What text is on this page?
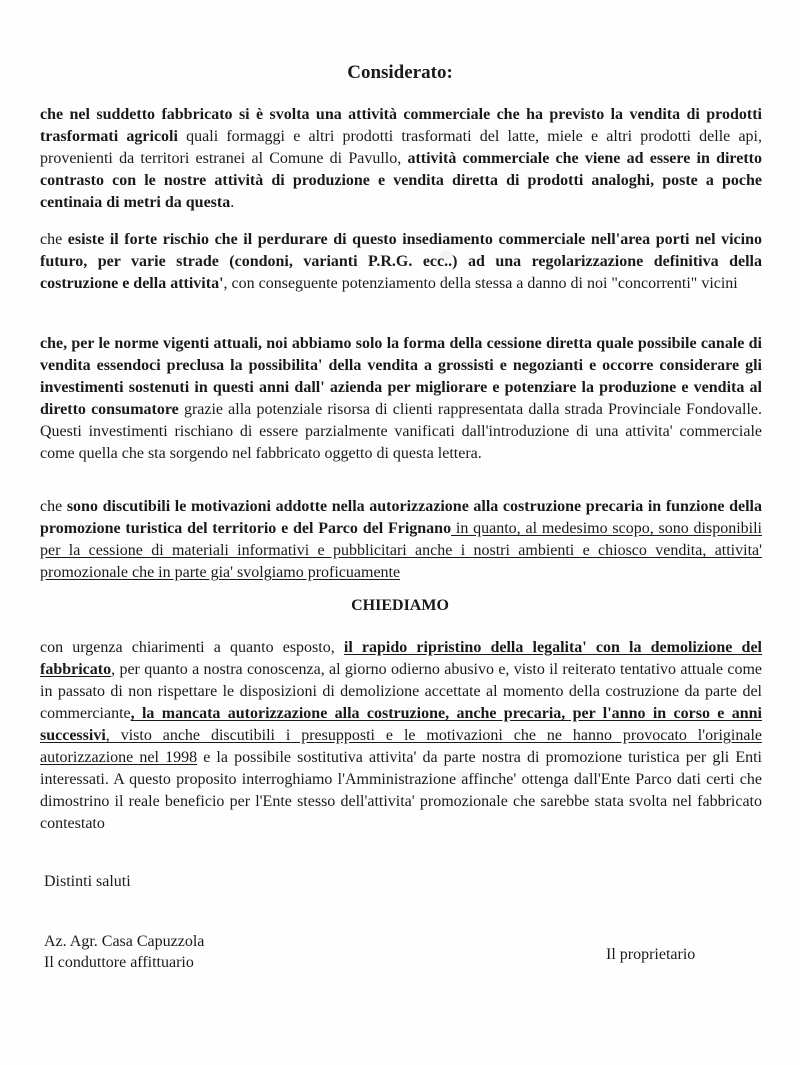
Considerato:
che nel suddetto fabbricato si è svolta una attività commerciale che ha previsto la vendita di prodotti trasformati agricoli quali formaggi e altri prodotti trasformati del latte, miele e altri prodotti delle api, provenienti da territori estranei al Comune di Pavullo, attività commerciale che viene ad essere in diretto contrasto con le nostre attività di produzione e vendita diretta di prodotti analoghi, poste a poche centinaia di metri da questa.
che esiste il forte rischio che il perdurare di questo insediamento commerciale nell'area porti nel vicino futuro, per varie strade (condoni, varianti P.R.G. ecc..) ad una regolarizzazione definitiva della costruzione e della attivita', con conseguente potenziamento della stessa a danno di noi "concorrenti" vicini
che, per le norme vigenti attuali, noi abbiamo solo la forma della cessione diretta quale possibile canale di vendita essendoci preclusa la possibilita' della vendita a grossisti e negozianti e occorre considerare gli investimenti sostenuti in questi anni dall' azienda per migliorare e potenziare la produzione e vendita al diretto consumatore grazie alla potenziale risorsa di clienti rappresentata dalla strada Provinciale Fondovalle. Questi investimenti rischiano di essere parzialmente vanificati dall'introduzione di una attivita' commerciale come quella che sta sorgendo nel fabbricato oggetto di questa lettera.
che sono discutibili le motivazioni addotte nella autorizzazione alla costruzione precaria in funzione della promozione turistica del territorio e del Parco del Frignano in quanto, al medesimo scopo, sono disponibili per la cessione di materiali informativi e pubblicitari anche i nostri ambienti e chiosco vendita, attivita' promozionale che in parte gia' svolgiamo proficuamente
CHIEDIAMO
con urgenza chiarimenti a quanto esposto, il rapido ripristino della legalita' con la demolizione del fabbricato, per quanto a nostra conoscenza, al giorno odierno abusivo e, visto il reiterato tentativo attuale come in passato di non rispettare le disposizioni di demolizione accettate al momento della costruzione da parte del commerciante, la mancata autorizzazione alla costruzione, anche precaria, per l'anno in corso e anni successivi, visto anche discutibili i presupposti e le motivazioni che ne hanno provocato l'originale autorizzazione nel 1998 e la possibile sostitutiva attivita' da parte nostra di promozione turistica per gli Enti interessati. A questo proposito interroghiamo l'Amministrazione affinche' ottenga dall'Ente Parco dati certi che dimostrino il reale beneficio per l'Ente stesso dell'attivita' promozionale che sarebbe stata svolta nel fabbricato contestato
Distinti saluti
Az. Agr. Casa Capuzzola
Il conduttore affittuario	Il proprietario
